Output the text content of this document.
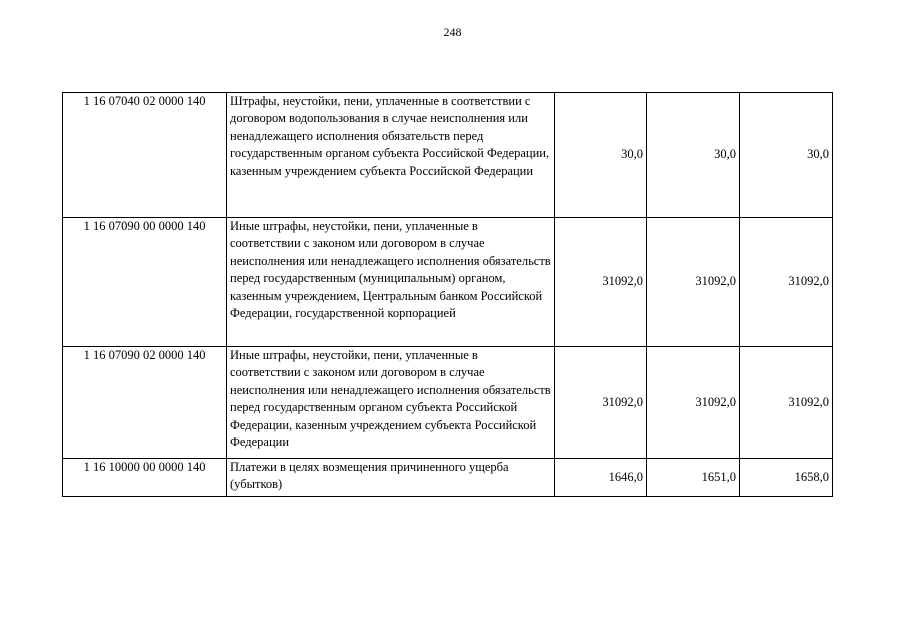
248
1 16 07040 02 0000 140	Штрафы, неустойки, пени, уплаченные в соответствии с договором водопользования в случае неисполнения или ненадлежащего исполнения обязательств перед государственным органом субъекта Российской Федерации, казенным учреждением субъекта Российской Федерации	30,0	30,0	30,0
1 16 07090 00 0000 140	Иные штрафы, неустойки, пени, уплаченные в соответствии с законом или договором в случае неисполнения или ненадлежащего исполнения обязательств перед государственным (муниципальным) органом, казенным учреждением, Центральным банком Российской Федерации, государственной корпорацией	31092,0	31092,0	31092,0
1 16 07090 02 0000 140	Иные штрафы, неустойки, пени, уплаченные в соответствии с законом или договором в случае неисполнения или ненадлежащего исполнения обязательств перед государственным органом субъекта Российской Федерации, казенным учреждением субъекта Российской Федерации	31092,0	31092,0	31092,0
1 16 10000 00 0000 140	Платежи в целях возмещения причиненного ущерба (убытков)	1646,0	1651,0	1658,0
